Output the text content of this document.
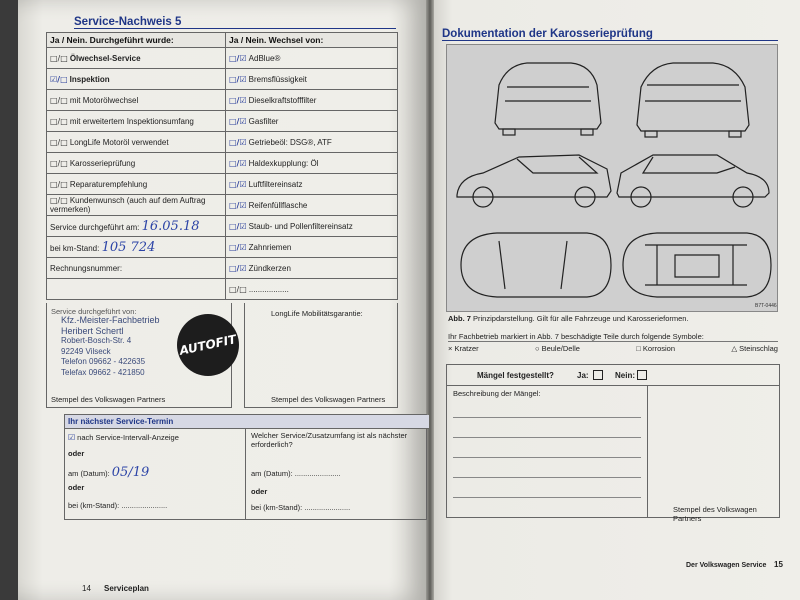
Service-Nachweis 5
Ja / Nein. Durchgeführt wurde:	Ja / Nein. Wechsel von:
□/□ Ölwechsel-Service	□/☑ AdBlue®
☑/□ Inspektion	□/☑ Bremsflüssigkeit
□/□ mit Motorölwechsel	□/☑ Dieselkraftstofffilter
□/□ mit erweitertem Inspektionsumfang	□/☑ Gasfilter
□/□ LongLife Motoröl verwendet	□/☑ Getriebeöl: DSG®, ATF
□/□ Karosserieprüfung	□/☑ Haldexkupplung: Öl
□/□ Reparaturempfehlung	□/☑ Luftfiltereinsatz
□/□ Kundenwunsch (auch auf dem Auftrag vermerken)	□/☑ Reifenfüllflasche
Service durchgeführt am: 16.05.18	□/☑ Staub- und Pollenfiltereinsatz
bei km-Stand: 105 724	□/☑ Zahnriemen
Rechnungsnummer:	□/☑ Zündkerzen
	□/□ ..................
Service durchgeführt von:
Kfz.-Meister-Fachbetrieb
Heribert Schertl
Robert-Bosch-Str. 4
92249 Vilseck
Telefon 09662 - 422635
Telefax 09662 - 421850
Stempel des Volkswagen Partners
AUTOFIT
LongLife Mobilitätsgarantie:
Stempel des Volkswagen Partners
Ihr nächster Service-Termin
☑ nach Service-Intervall-Anzeige
oder
am (Datum): 05/19
oder
bei (km-Stand): ......................
Welcher Service/Zusatzumfang ist als nächster erforderlich?
am (Datum): ......................
oder
bei (km-Stand): ......................
14 Serviceplan
Dokumentation der Karosserieprüfung
B7T-0446
Abb. 7 Prinzipdarstellung. Gilt für alle Fahrzeuge und Karosserieformen.
Ihr Fachbetrieb markiert in Abb. 7 beschädigte Teile durch folgende Symbole:
× Kratzer	○ Beule/Delle	□ Korrosion	△ Steinschlag
Mängel festgestellt?	Ja:	Nein:
Beschreibung der Mängel:
Stempel des Volkswagen Partners
Der Volkswagen Service 15
